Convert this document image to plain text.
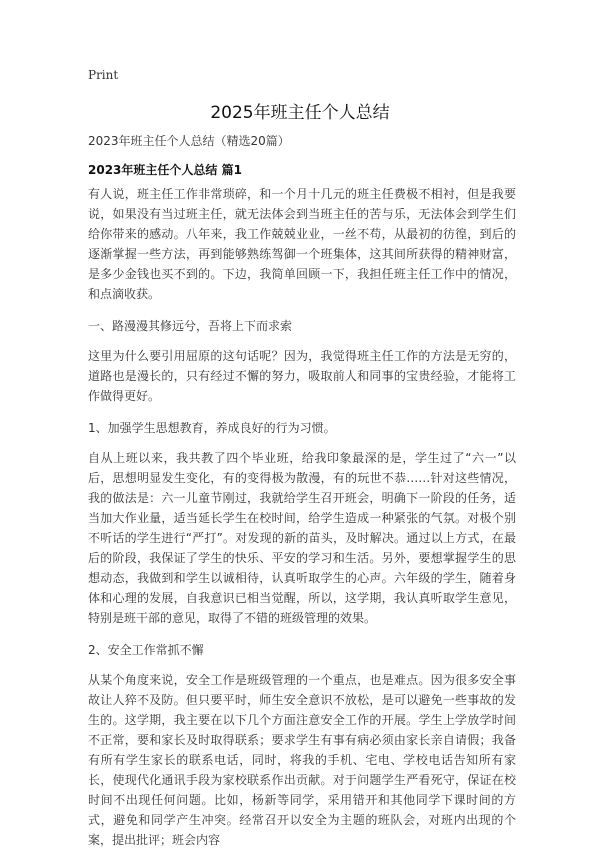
Print
2025年班主任个人总结
2023年班主任个人总结（精选20篇）
2023年班主任个人总结 篇1

有人说，班主任工作非常琐碎，和一个月十几元的班主任费极不相衬，但是我要说，如果没有当过班主任，就无法体会到当班主任的苦与乐，无法体会到学生们给你带来的感动。八年来，我工作兢兢业业，一丝不苟，从最初的彷徨，到后的逐渐掌握一些方法，再到能够熟练驾御一个班集体，这其间所获得的精神财富，是多少金钱也买不到的。下边，我简单回顾一下，我担任班主任工作中的情况，和点滴收获。

一、路漫漫其修远兮，吾将上下而求索

这里为什么要引用屈原的这句话呢？因为，我觉得班主任工作的方法是无穷的，道路也是漫长的，只有经过不懈的努力，吸取前人和同事的宝贵经验，才能将工作做得更好。

1、加强学生思想教育，养成良好的行为习惯。

自从上班以来，我共教了四个毕业班，给我印象最深的是，学生过了“六一”以后，思想明显发生变化，有的变得极为散漫，有的玩世不恭……针对这些情况，我的做法是：六一儿童节刚过，我就给学生召开班会，明确下一阶段的任务，适当加大作业量，适当延长学生在校时间，给学生造成一种紧张的气氛。对极个别不听话的学生进行“严打”。对发现的新的苗头，及时解决。通过以上方式，在最后的阶段，我保证了学生的快乐、平安的学习和生活。另外，要想掌握学生的思想动态，我做到和学生以诚相待，认真听取学生的心声。六年级的学生，随着身体和心理的发展，自我意识已相当觉醒，所以，这学期，我认真听取学生意见，特别是班干部的意见，取得了不错的班级管理的效果。

2、安全工作常抓不懈

从某个角度来说，安全工作是班级管理的一个重点，也是难点。因为很多安全事故让人猝不及防。但只要平时，师生安全意识不放松，是可以避免一些事故的发生的。这学期，我主要在以下几个方面注意安全工作的开展。学生上学放学时间不正常，要和家长及时取得联系；要求学生有事有病必须由家长亲自请假；我备有所有学生家长的联系电话，同时，将我的手机、宅电、学校电话告知所有家长，使现代化通讯手段为家校联系作出贡献。对于问题学生严看死守，保证在校时间不出现任何问题。比如，杨新等同学，采用错开和其他同学下课时间的方式，避免和同学产生冲突。经常召开以安全为主题的班队会，对班内出现的个案，提出批评；班会内容
